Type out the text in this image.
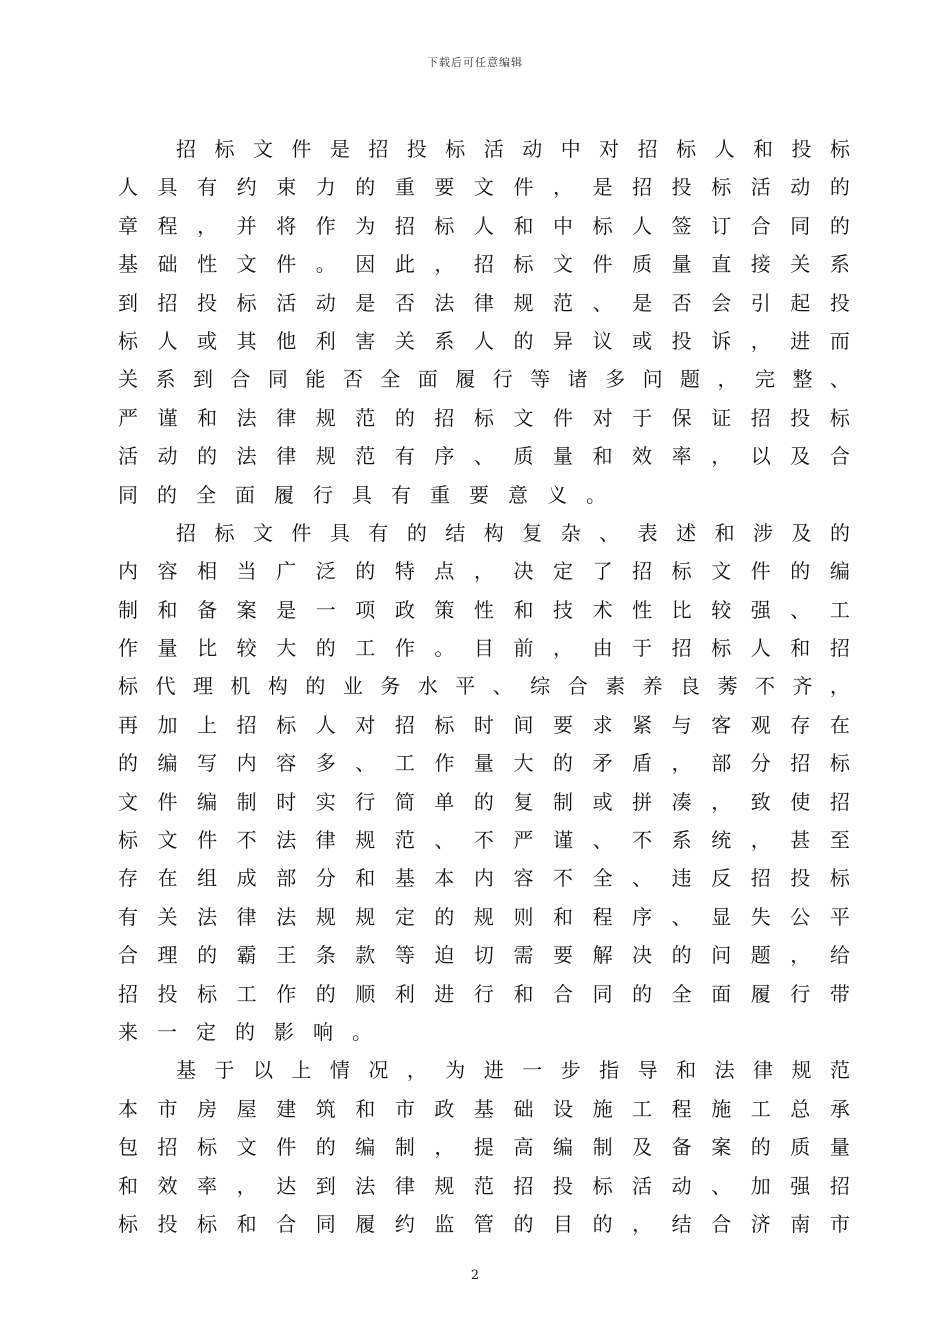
下载后可任意编辑
招 标 文 件 是 招 投 标 活 动 中 对 招 标 人 和 投 标
人 具 有 约 束 力 的 重 要 文 件 ， 是 招 投 标 活 动 的
章 程 ， 并 将 作 为 招 标 人 和 中 标 人 签 订 合 同 的
基 础 性 文 件 。 因 此 ， 招 标 文 件 质 量 直 接 关 系
到 招 投 标 活 动 是 否 法 律 规 范 、 是 否 会 引 起 投
标 人 或 其 他 利 害 关 系 人 的 异 议 或 投 诉 ， 进 而
关 系 到 合 同 能 否 全 面 履 行 等 诸 多 问 题 ， 完 整 、
严 谨 和 法 律 规 范 的 招 标 文 件 对 于 保 证 招 投 标
活 动 的 法 律 规 范 有 序 、 质 量 和 效 率 ， 以 及 合
同 的 全 面 履 行 具 有 重 要 意 义 。
招 标 文 件 具 有 的 结 构 复 杂 、 表 述 和 涉 及 的
内 容 相 当 广 泛 的 特 点 ， 决 定 了 招 标 文 件 的 编
制 和 备 案 是 一 项 政 策 性 和 技 术 性 比 较 强 、 工
作 量 比 较 大 的 工 作 。 目 前 ， 由 于 招 标 人 和 招
标 代 理 机 构 的 业 务 水 平 、 综 合 素 养 良 莠 不 齐 ，
再 加 上 招 标 人 对 招 标 时 间 要 求 紧 与 客 观 存 在
的 编 写 内 容 多 、 工 作 量 大 的 矛 盾 ， 部 分 招 标
文 件 编 制 时 实 行 简 单 的 复 制 或 拼 凑 ， 致 使 招
标 文 件 不 法 律 规 范 、 不 严 谨 、 不 系 统 ， 甚 至
存 在 组 成 部 分 和 基 本 内 容 不 全 、 违 反 招 投 标
有 关 法 律 法 规 规 定 的 规 则 和 程 序 、 显 失 公 平
合 理 的 霸 王 条 款 等 迫 切 需 要 解 决 的 问 题 ， 给
招 投 标 工 作 的 顺 利 进 行 和 合 同 的 全 面 履 行 带
来 一 定 的 影 响 。
基 于 以 上 情 况 ， 为 进 一 步 指 导 和 法 律 规 范
本 市 房 屋 建 筑 和 市 政 基 础 设 施 工 程 施 工 总 承
包 招 标 文 件 的 编 制 ， 提 高 编 制 及 备 案 的 质 量
和 效 率 ， 达 到 法 律 规 范 招 投 标 活 动 、 加 强 招
标 投 标 和 合 同 履 约 监 管 的 目 的 ， 结 合 济 南 市
2
